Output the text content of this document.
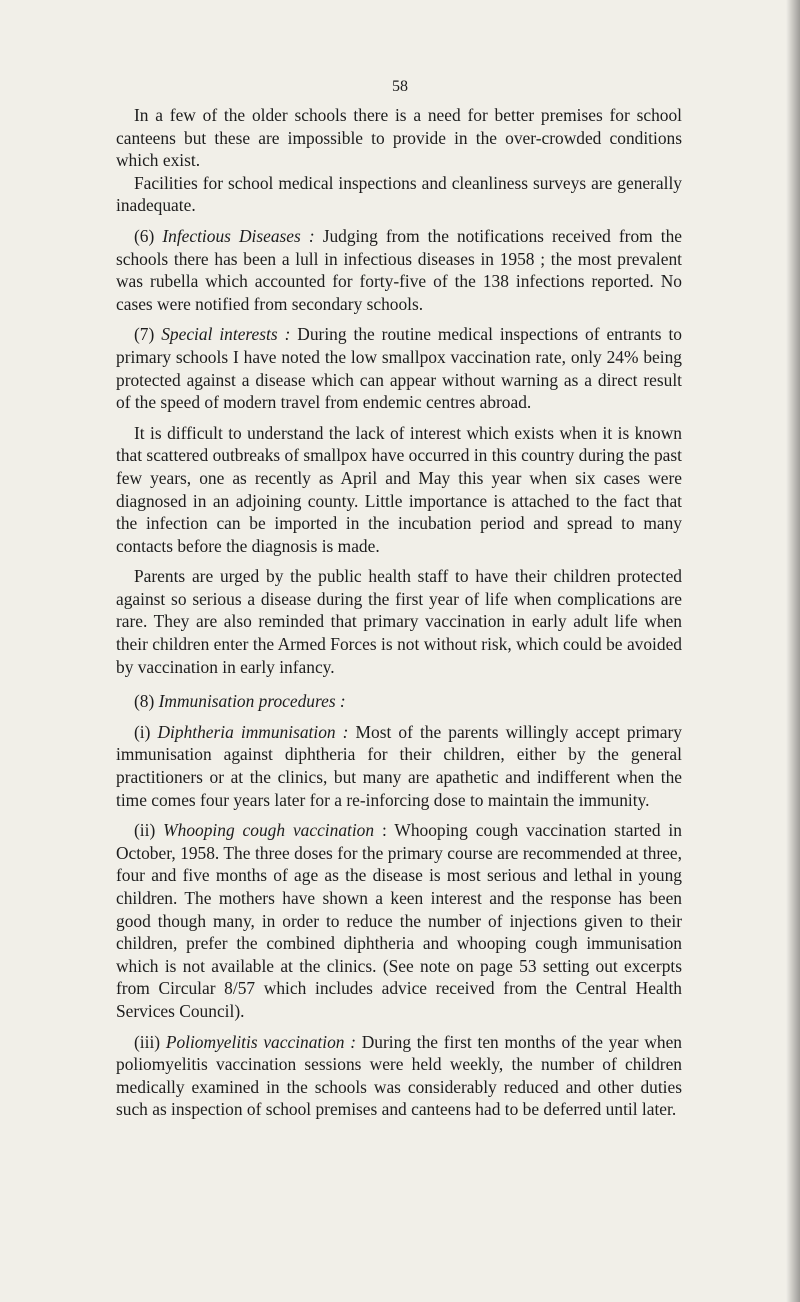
58

In a few of the older schools there is a need for better premises for school canteens but these are impossible to provide in the over-crowded conditions which exist.

Facilities for school medical inspections and cleanliness surveys are generally inadequate.

(6) Infectious Diseases : Judging from the notifications received from the schools there has been a lull in infectious diseases in 1958 ; the most prevalent was rubella which accounted for forty-five of the 138 infections reported. No cases were notified from secondary schools.

(7) Special interests : During the routine medical inspections of entrants to primary schools I have noted the low smallpox vaccination rate, only 24% being protected against a disease which can appear without warning as a direct result of the speed of modern travel from endemic centres abroad.

It is difficult to understand the lack of interest which exists when it is known that scattered outbreaks of smallpox have occurred in this country during the past few years, one as recently as April and May this year when six cases were diagnosed in an adjoining county. Little importance is attached to the fact that the infection can be imported in the incubation period and spread to many contacts before the diagnosis is made.

Parents are urged by the public health staff to have their children protected against so serious a disease during the first year of life when complications are rare. They are also reminded that primary vaccination in early adult life when their children enter the Armed Forces is not without risk, which could be avoided by vaccination in early infancy.

(8) Immunisation procedures :

(i) Diphtheria immunisation : Most of the parents willingly accept primary immunisation against diphtheria for their children, either by the general practitioners or at the clinics, but many are apathetic and indifferent when the time comes four years later for a re-inforcing dose to maintain the immunity.

(ii) Whooping cough vaccination : Whooping cough vaccination started in October, 1958. The three doses for the primary course are recommended at three, four and five months of age as the disease is most serious and lethal in young children. The mothers have shown a keen interest and the response has been good though many, in order to reduce the number of injections given to their children, prefer the combined diphtheria and whooping cough immunisation which is not available at the clinics. (See note on page 53 setting out excerpts from Circular 8/57 which includes advice received from the Central Health Services Council).

(iii) Poliomyelitis vaccination : During the first ten months of the year when poliomyelitis vaccination sessions were held weekly, the number of children medically examined in the schools was considerably reduced and other duties such as inspection of school premises and canteens had to be deferred until later.
